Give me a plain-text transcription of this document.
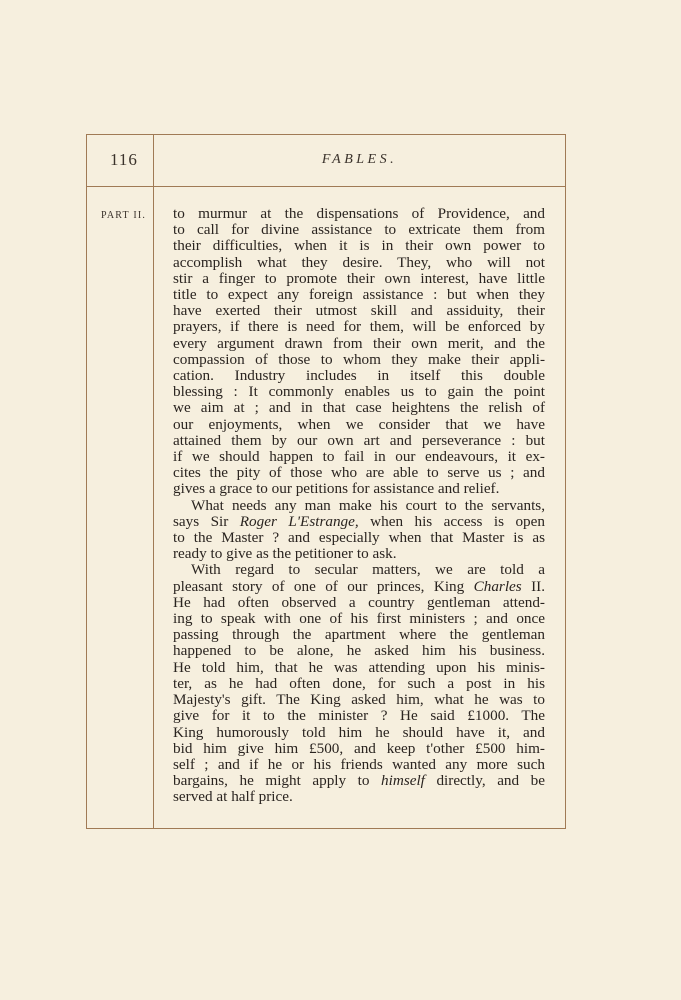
116	FABLES.
PART II. to murmur at the dispensations of Providence, and
to call for divine assistance to extricate them from
their difficulties, when it is in their own power to
accomplish what they desire. They, who will not
stir a finger to promote their own interest, have little
title to expect any foreign assistance : but when they
have exerted their utmost skill and assiduity, their
prayers, if there is need for them, will be enforced by
every argument drawn from their own merit, and the
compassion of those to whom they make their appli-
cation. Industry includes in itself this double
blessing : It commonly enables us to gain the point
we aim at ; and in that case heightens the relish of
our enjoyments, when we consider that we have
attained them by our own art and perseverance : but
if we should happen to fail in our endeavours, it ex-
cites the pity of those who are able to serve us ; and
gives a grace to our petitions for assistance and relief.
What needs any man make his court to the servants,
says Sir Roger L'Estrange, when his access is open
to the Master ? and especially when that Master is as
ready to give as the petitioner to ask.
With regard to secular matters, we are told a
pleasant story of one of our princes, King Charles II.
He had often observed a country gentleman attend-
ing to speak with one of his first ministers ; and once
passing through the apartment where the gentleman
happened to be alone, he asked him his business.
He told him, that he was attending upon his minis-
ter, as he had often done, for such a post in his
Majesty's gift. The King asked him, what he was to
give for it to the minister ? He said £1000. The
King humorously told him he should have it, and
bid him give him £500, and keep t'other £500 him-
self ; and if he or his friends wanted any more such
bargains, he might apply to himself directly, and be
served at half price.
